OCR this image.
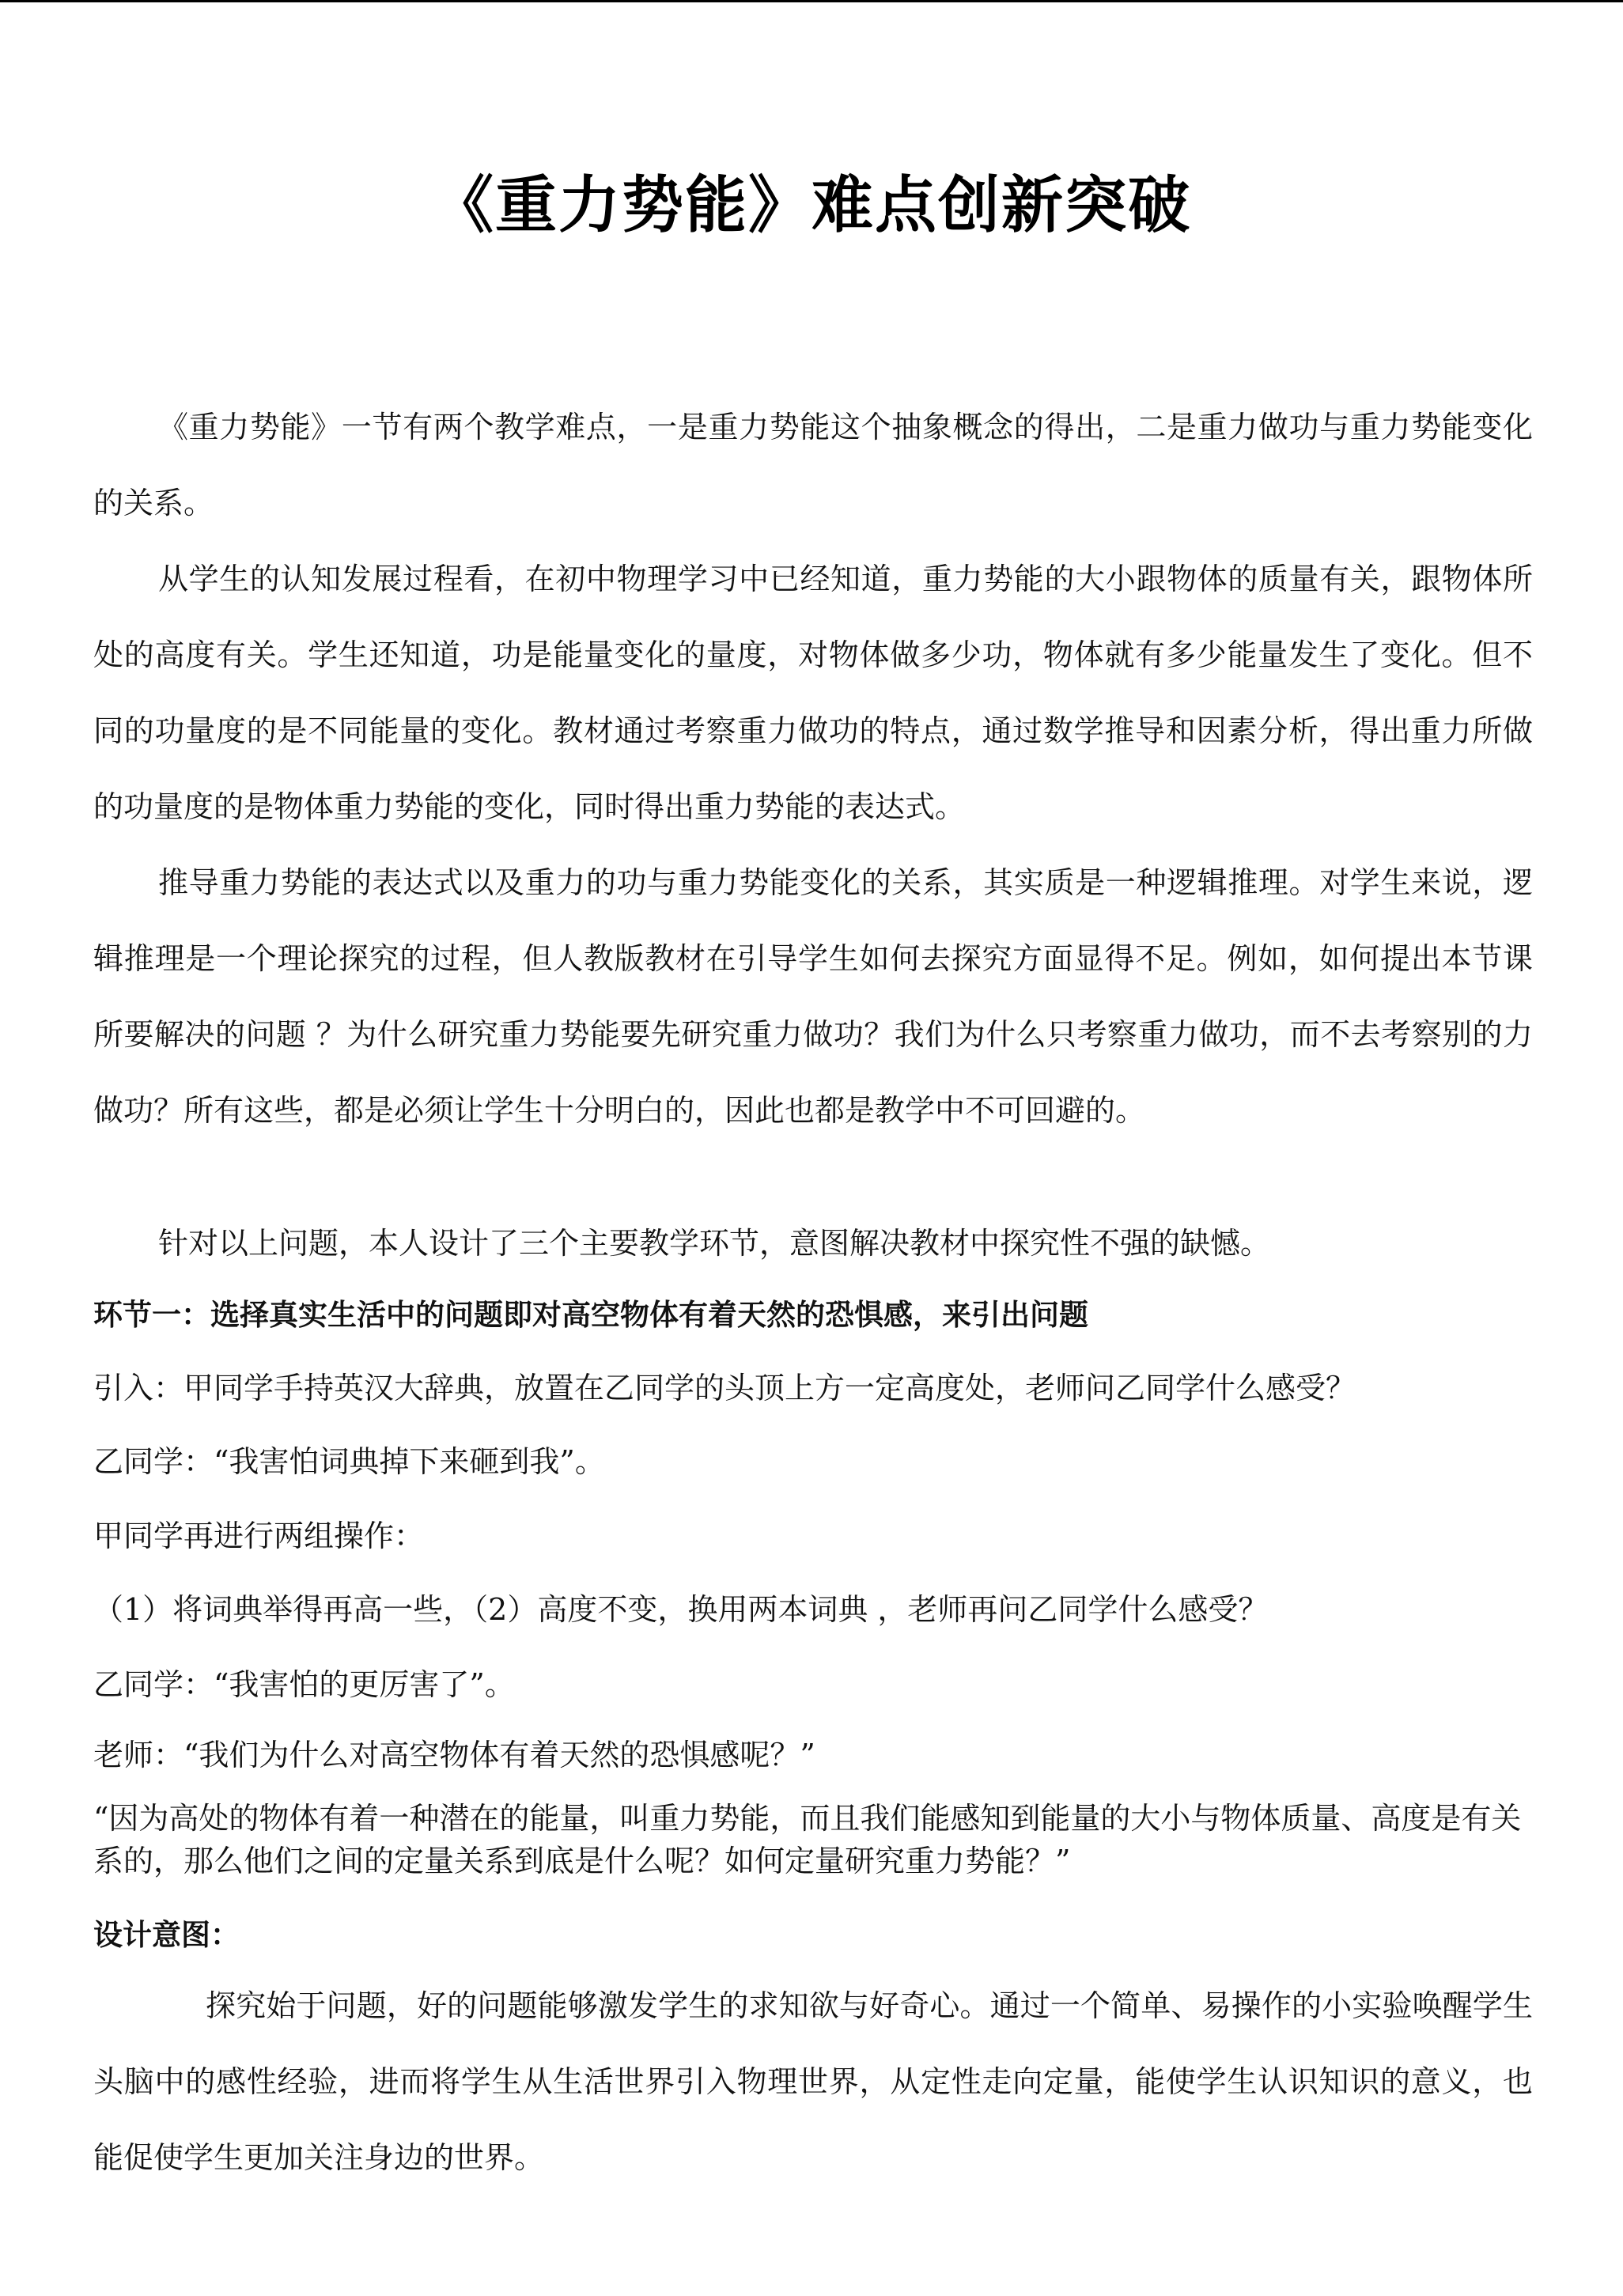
《重力势能》难点创新突破

《重力势能》一节有两个教学难点，一是重力势能这个抽象概念的得出，二是重力做功与重力势能变化的关系。

从学生的认知发展过程看，在初中物理学习中已经知道，重力势能的大小跟物体的质量有关，跟物体所处的高度有关。学生还知道，功是能量变化的量度，对物体做多少功，物体就有多少能量发生了变化。但不同的功量度的是不同能量的变化。教材通过考察重力做功的特点，通过数学推导和因素分析，得出重力所做的功量度的是物体重力势能的变化，同时得出重力势能的表达式。

推导重力势能的表达式以及重力的功与重力势能变化的关系，其实质是一种逻辑推理。对学生来说，逻辑推理是一个理论探究的过程，但人教版教材在引导学生如何去探究方面显得不足。例如，如何提出本节课所要解决的问题 ？为什么研究重力势能要先研究重力做功？我们为什么只考察重力做功，而不去考察别的力做功？所有这些，都是必须让学生十分明白的，因此也都是教学中不可回避的。

针对以上问题，本人设计了三个主要教学环节，意图解决教材中探究性不强的缺憾。

环节一：选择真实生活中的问题即对高空物体有着天然的恐惧感，来引出问题

引入：甲同学手持英汉大辞典，放置在乙同学的头顶上方一定高度处，老师问乙同学什么感受？

乙同学：“我害怕词典掉下来砸到我”。

甲同学再进行两组操作：

（1）将词典举得再高一些，（2）高度不变，换用两本词典 ，老师再问乙同学什么感受？

乙同学：“我害怕的更厉害了”。

老师：“我们为什么对高空物体有着天然的恐惧感呢？”

“因为高处的物体有着一种潜在的能量，叫重力势能，而且我们能感知到能量的大小与物体质量、高度是有关系的，那么他们之间的定量关系到底是什么呢？如何定量研究重力势能？”

设计意图：

探究始于问题，好的问题能够激发学生的求知欲与好奇心。通过一个简单、易操作的小实验唤醒学生头脑中的感性经验，进而将学生从生活世界引入物理世界，从定性走向定量，能使学生认识知识的意义，也能促使学生更加关注身边的世界。
